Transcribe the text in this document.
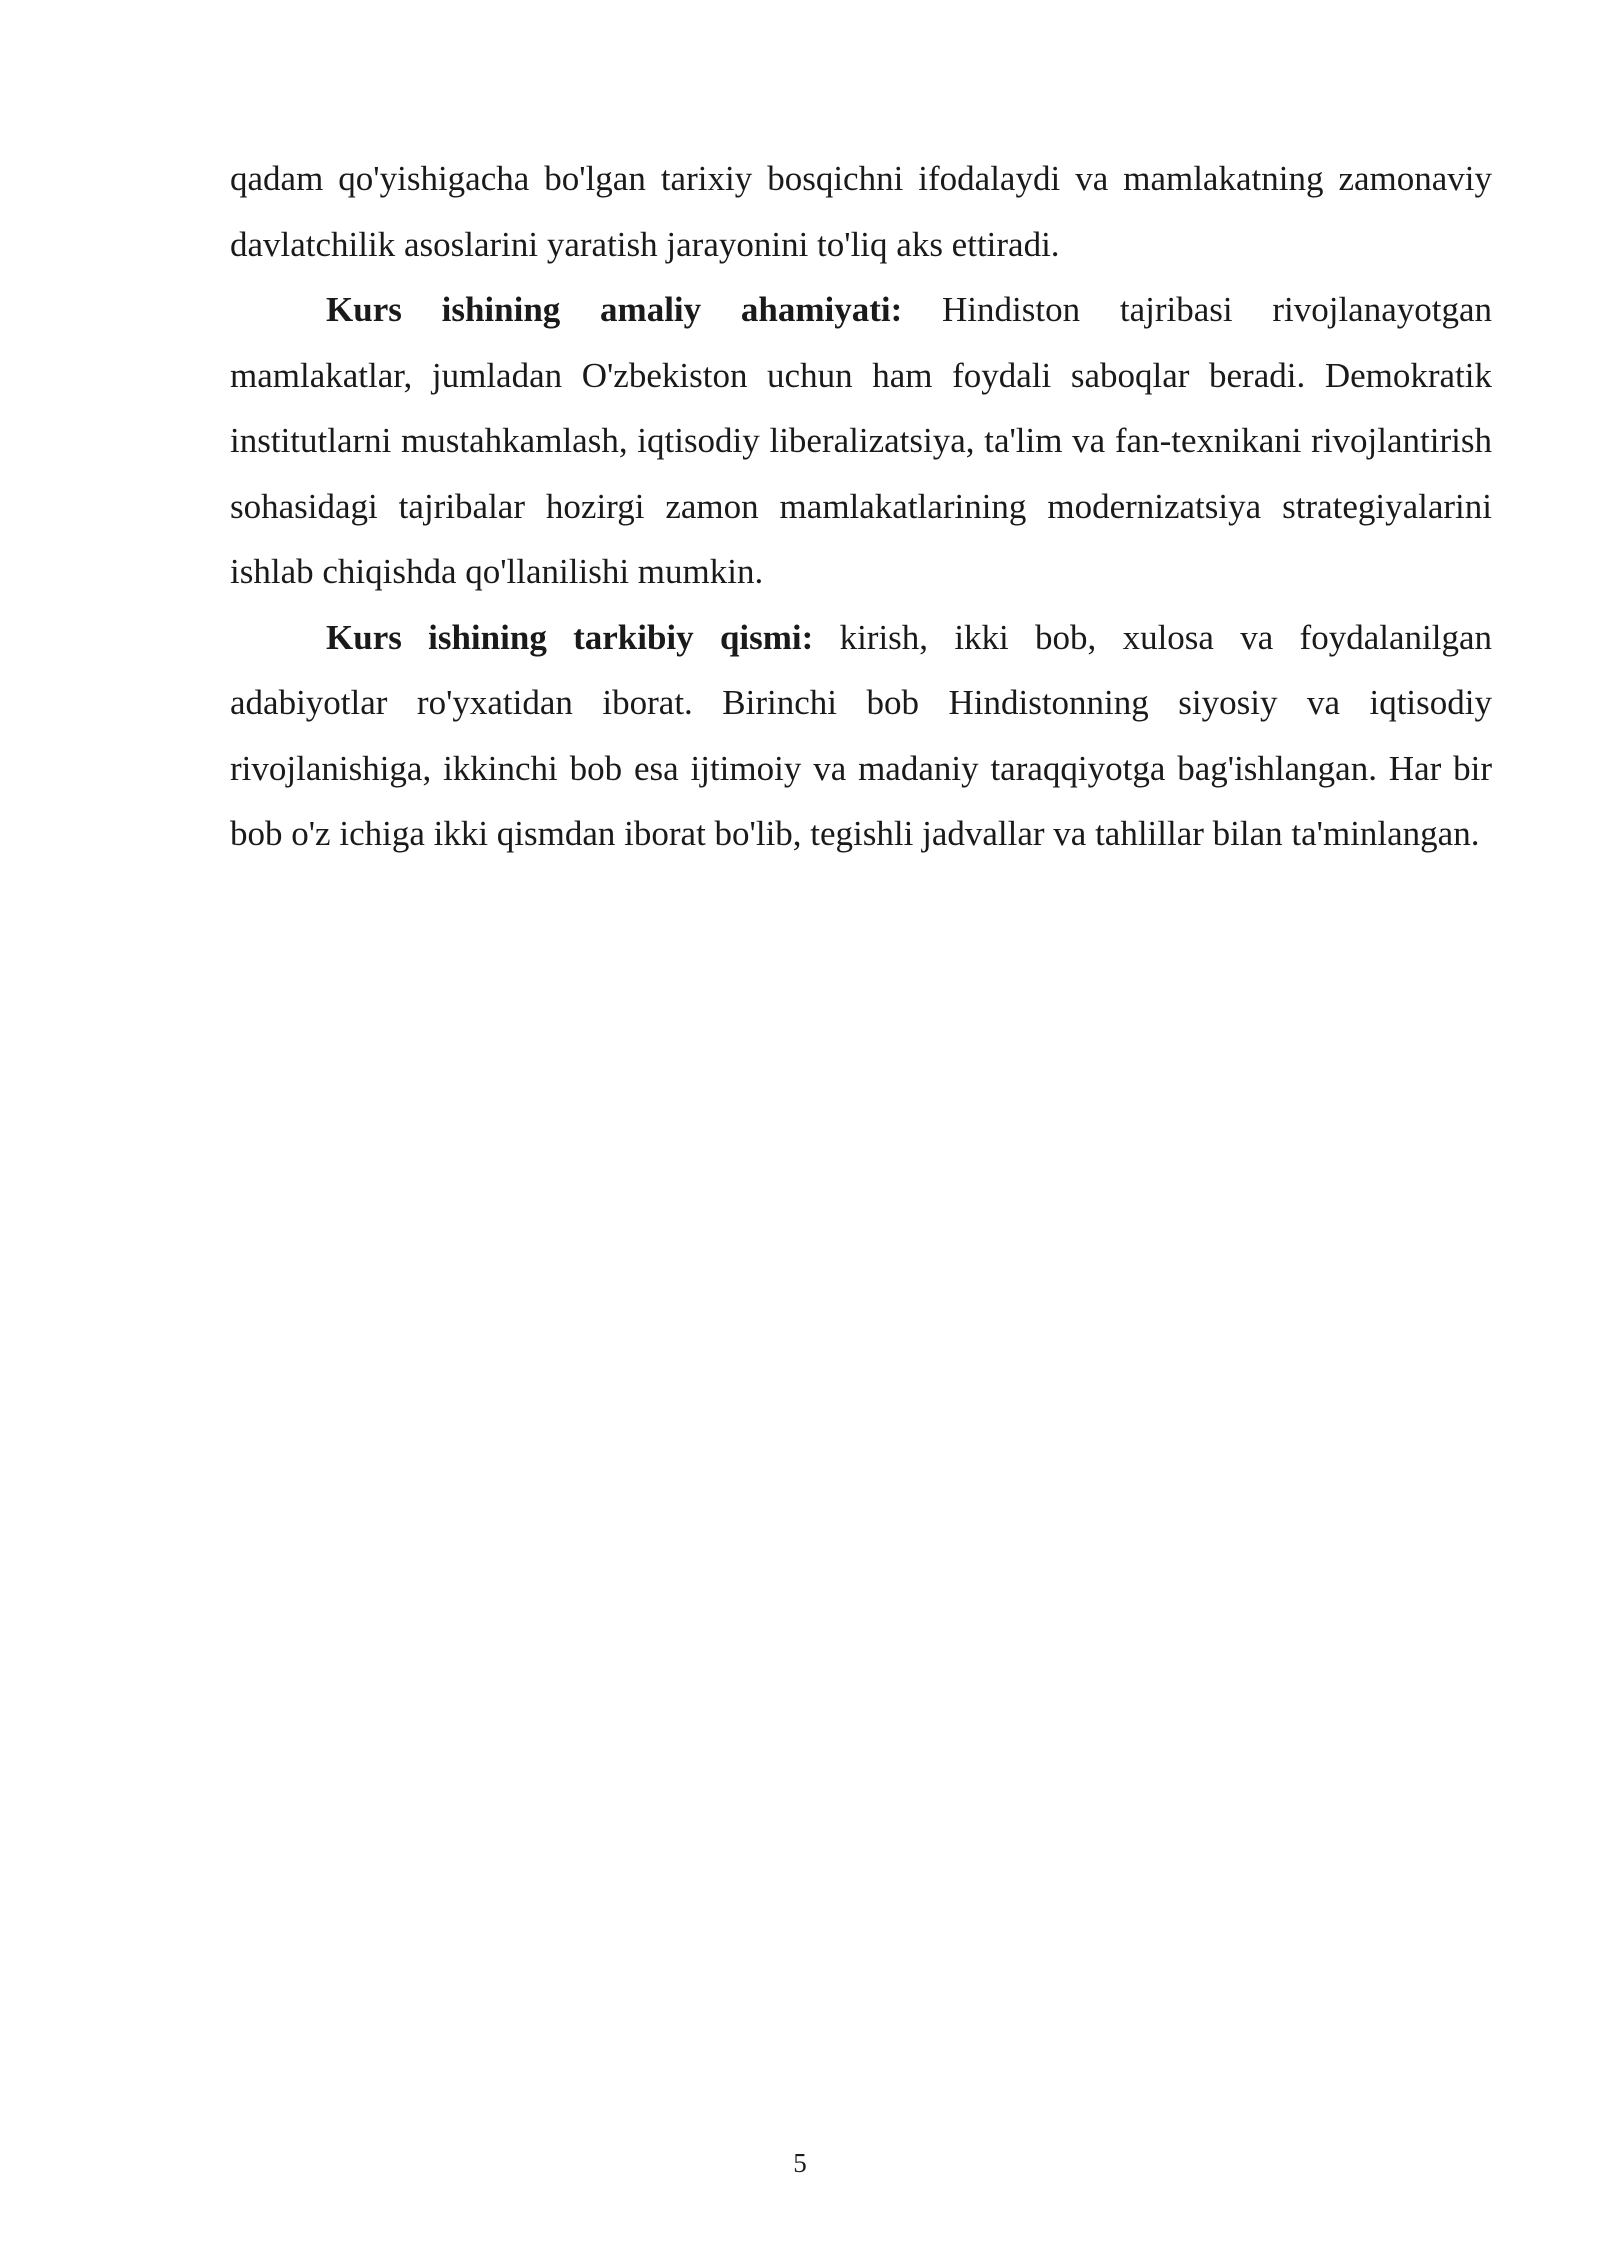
qadam qo'yishigacha bo'lgan tarixiy bosqichni ifodalaydi va mamlakatning zamonaviy davlatchilik asoslarini yaratish jarayonini to'liq aks ettiradi.

Kurs ishining amaliy ahamiyati: Hindiston tajribasi rivojlanayotgan mamlakatlar, jumladan O'zbekiston uchun ham foydali saboqlar beradi. Demokratik institutlarni mustahkamlash, iqtisodiy liberalizatsiya, ta'lim va fan-texnikani rivojlantirish sohasidagi tajribalar hozirgi zamon mamlakatlarining modernizatsiya strategiyalarini ishlab chiqishda qo'llanilishi mumkin.

Kurs ishining tarkibiy qismi: kirish, ikki bob, xulosa va foydalanilgan adabiyotlar ro'yxatidan iborat. Birinchi bob Hindistonning siyosiy va iqtisodiy rivojlanishiga, ikkinchi bob esa ijtimoiy va madaniy taraqqiyotga bag'ishlangan. Har bir bob o'z ichiga ikki qismdan iborat bo'lib, tegishli jadvallar va tahlillar bilan ta'minlangan.

5
